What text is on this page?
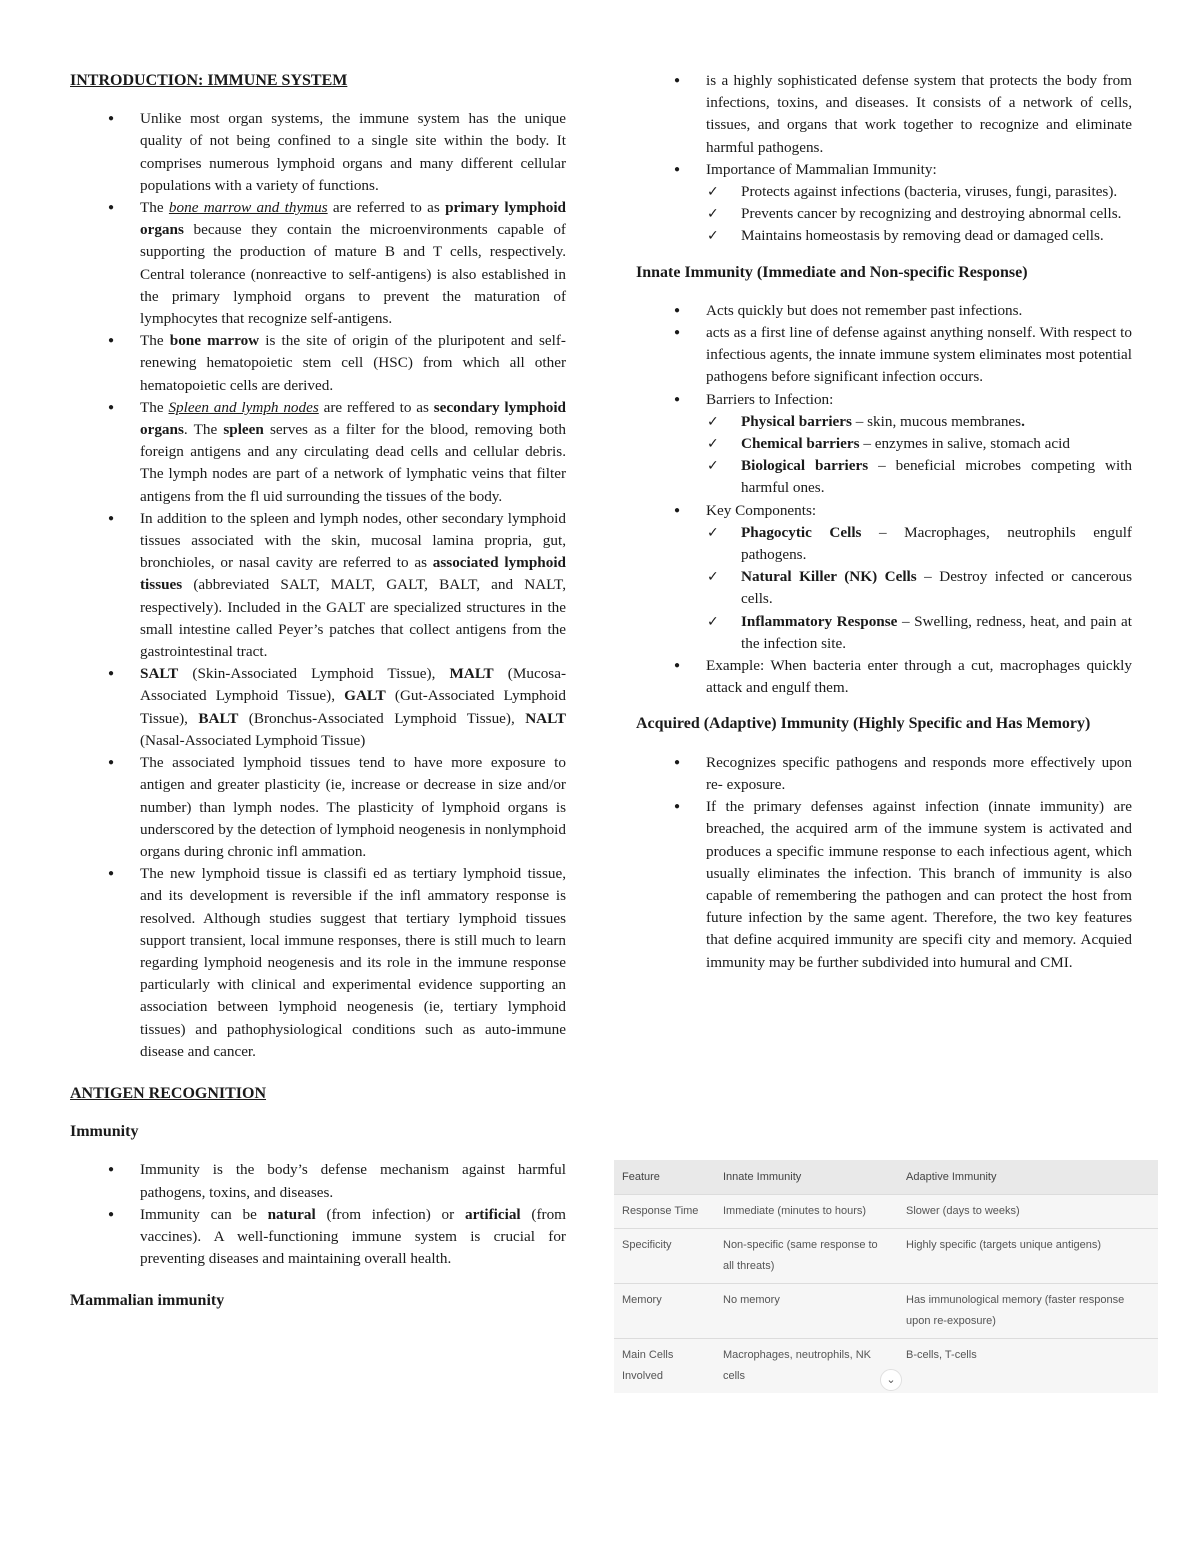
INTRODUCTION: IMMUNE SYSTEM
● Unlike most organ systems, the immune system has the unique quality of not being confined to a single site within the body. It comprises numerous lymphoid organs and many different cellular populations with a variety of functions.
● The bone marrow and thymus are referred to as primary lymphoid organs because they contain the microenvironments capable of supporting the production of mature B and T cells, respectively. Central tolerance (nonreactive to self-antigens) is also established in the primary lymphoid organs to prevent the maturation of lymphocytes that recognize self-antigens.
● The bone marrow is the site of origin of the pluripotent and self-renewing hematopoietic stem cell (HSC) from which all other hematopoietic cells are derived.
● The Spleen and lymph nodes are reffered to as secondary lymphoid organs. The spleen serves as a filter for the blood, removing both foreign antigens and any circulating dead cells and cellular debris. The lymph nodes are part of a network of lymphatic veins that filter antigens from the fl uid surrounding the tissues of the body.
● In addition to the spleen and lymph nodes, other secondary lymphoid tissues associated with the skin, mucosal lamina propria, gut, bronchioles, or nasal cavity are referred to as associated lymphoid tissues (abbreviated SALT, MALT, GALT, BALT, and NALT, respectively). Included in the GALT are specialized structures in the small intestine called Peyer’s patches that collect antigens from the gastrointestinal tract.
● SALT (Skin-Associated Lymphoid Tissue), MALT (Mucosa-Associated Lymphoid Tissue), GALT (Gut-Associated Lymphoid Tissue), BALT (Bronchus-Associated Lymphoid Tissue), NALT (Nasal-Associated Lymphoid Tissue)
● The associated lymphoid tissues tend to have more exposure to antigen and greater plasticity (ie, increase or decrease in size and/or number) than lymph nodes. The plasticity of lymphoid organs is underscored by the detection of lymphoid neogenesis in nonlymphoid organs during chronic infl ammation.
● The new lymphoid tissue is classifi ed as tertiary lymphoid tissue, and its development is reversible if the infl ammatory response is resolved. Although studies suggest that tertiary lymphoid tissues support transient, local immune responses, there is still much to learn regarding lymphoid neogenesis and its role in the immune response particularly with clinical and experimental evidence supporting an association between lymphoid neogenesis (ie, tertiary lymphoid tissues) and pathophysiological conditions such as auto-immune disease and cancer.
ANTIGEN RECOGNITION
Immunity
● Immunity is the body’s defense mechanism against harmful pathogens, toxins, and diseases.
● Immunity can be natural (from infection) or artificial (from vaccines). A well-functioning immune system is crucial for preventing diseases and maintaining overall health.
Mammalian immunity
● is a highly sophisticated defense system that protects the body from infections, toxins, and diseases. It consists of a network of cells, tissues, and organs that work together to recognize and eliminate harmful pathogens.
● Importance of Mammalian Immunity:
✓ Protects against infections (bacteria, viruses, fungi, parasites).
✓ Prevents cancer by recognizing and destroying abnormal cells.
✓ Maintains homeostasis by removing dead or damaged cells.
Innate Immunity (Immediate and Non-specific Response)
● Acts quickly but does not remember past infections.
● acts as a first line of defense against anything nonself. With respect to infectious agents, the innate immune system eliminates most potential pathogens before significant infection occurs.
● Barriers to Infection:
✓ Physical barriers – skin, mucous membranes.
✓ Chemical barriers – enzymes in salive, stomach acid
✓ Biological barriers – beneficial microbes competing with harmful ones.
● Key Components:
✓ Phagocytic Cells – Macrophages, neutrophils engulf pathogens.
✓ Natural Killer (NK) Cells – Destroy infected or cancerous cells.
✓ Inflammatory Response – Swelling, redness, heat, and pain at the infection site.
● Example: When bacteria enter through a cut, macrophages quickly attack and engulf them.
Acquired (Adaptive) Immunity (Highly Specific and Has Memory)
● Recognizes specific pathogens and responds more effectively upon re- exposure.
● If the primary defenses against infection (innate immunity) are breached, the acquired arm of the immune system is activated and produces a specific immune response to each infectious agent, which usually eliminates the infection. This branch of immunity is also capable of remembering the pathogen and can protect the host from future infection by the same agent. Therefore, the two key features that define acquired immunity are specifi city and memory. Acquied immunity may be further subdivided into humural and CMI.
Feature	Innate Immunity	Adaptive Immunity
Response Time	Immediate (minutes to hours)	Slower (days to weeks)
Specificity	Non-specific (same response to all threats)	Highly specific (targets unique antigens)
Memory	No memory	Has immunological memory (faster response upon re-exposure)
Main Cells Involved	Macrophages, neutrophils, NK cells	B-cells, T-cells
⌄
